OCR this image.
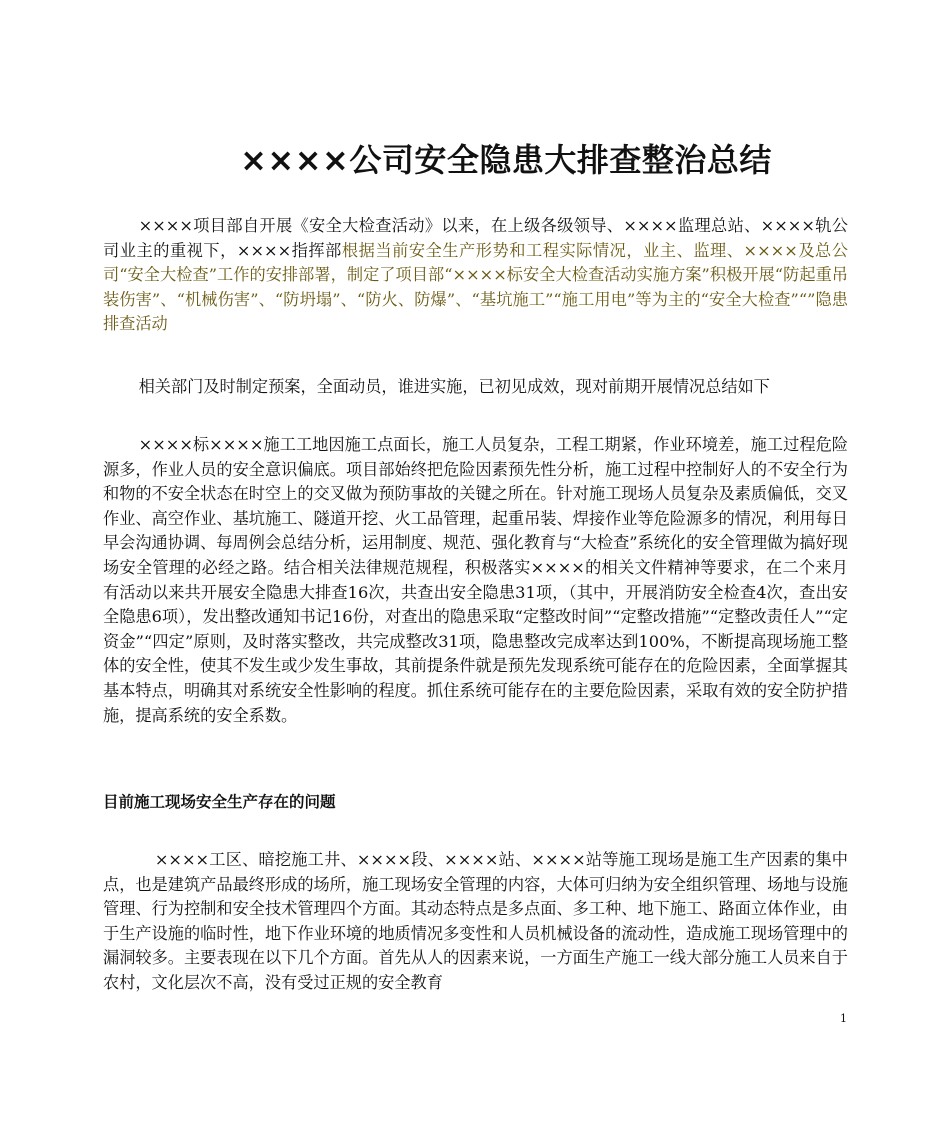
××××公司安全隐患大排查整治总结

××××项目部自开展《安全大检查活动》以来，在上级各级领导、××××监理总站、××××轨公司业主的重视下，××××指挥部根据当前安全生产形势和工程实际情况，业主、监理、××××及总公司“安全大检查”工作的安排部署，制定了项目部“××××标安全大检查活动实施方案”积极开展“防起重吊装伤害”、“机械伤害”、“防坍塌”、“防火、防爆”、“基坑施工”“施工用电”等为主的“安全大检查”“”隐患排查活动

相关部门及时制定预案，全面动员，谁进实施，已初见成效，现对前期开展情况总结如下

××××标××××施工工地因施工点面长，施工人员复杂，工程工期紧，作业环境差，施工过程危险源多，作业人员的安全意识偏底。项目部始终把危险因素预先性分析，施工过程中控制好人的不安全行为和物的不安全状态在时空上的交叉做为预防事故的关键之所在。针对施工现场人员复杂及素质偏低，交叉作业、高空作业、基坑施工、隧道开挖、火工品管理，起重吊装、焊接作业等危险源多的情况，利用每日早会沟通协调、每周例会总结分析，运用制度、规范、强化教育与“大检查”系统化的安全管理做为搞好现场安全管理的必经之路。结合相关法律规范规程，积极落实××××的相关文件精神等要求，在二个来月有活动以来共开展安全隐患大排查16次，共查出安全隐患31项，（其中，开展消防安全检查4次，查出安全隐患6项），发出整改通知书记16份，对查出的隐患采取“定整改时间”“定整改措施”“定整改责任人”“定资金”“四定”原则，及时落实整改，共完成整改31项，隐患整改完成率达到100%，不断提高现场施工整体的安全性，使其不发生或少发生事故，其前提条件就是预先发现系统可能存在的危险因素，全面掌握其基本特点，明确其对系统安全性影响的程度。抓住系统可能存在的主要危险因素，采取有效的安全防护措施，提高系统的安全系数。

目前施工现场安全生产存在的问题

××××工区、暗挖施工井、××××段、××××站、××××站等施工现场是施工生产因素的集中点，也是建筑产品最终形成的场所，施工现场安全管理的内容，大体可归纳为安全组织管理、场地与设施管理、行为控制和安全技术管理四个方面。其动态特点是多点面、多工种、地下施工、路面立体作业，由于生产设施的临时性，地下作业环境的地质情况多变性和人员机械设备的流动性，造成施工现场管理中的漏洞较多。主要表现在以下几个方面。首先从人的因素来说，一方面生产施工一线大部分施工人员来自于农村，文化层次不高，没有受过正规的安全教育

1
